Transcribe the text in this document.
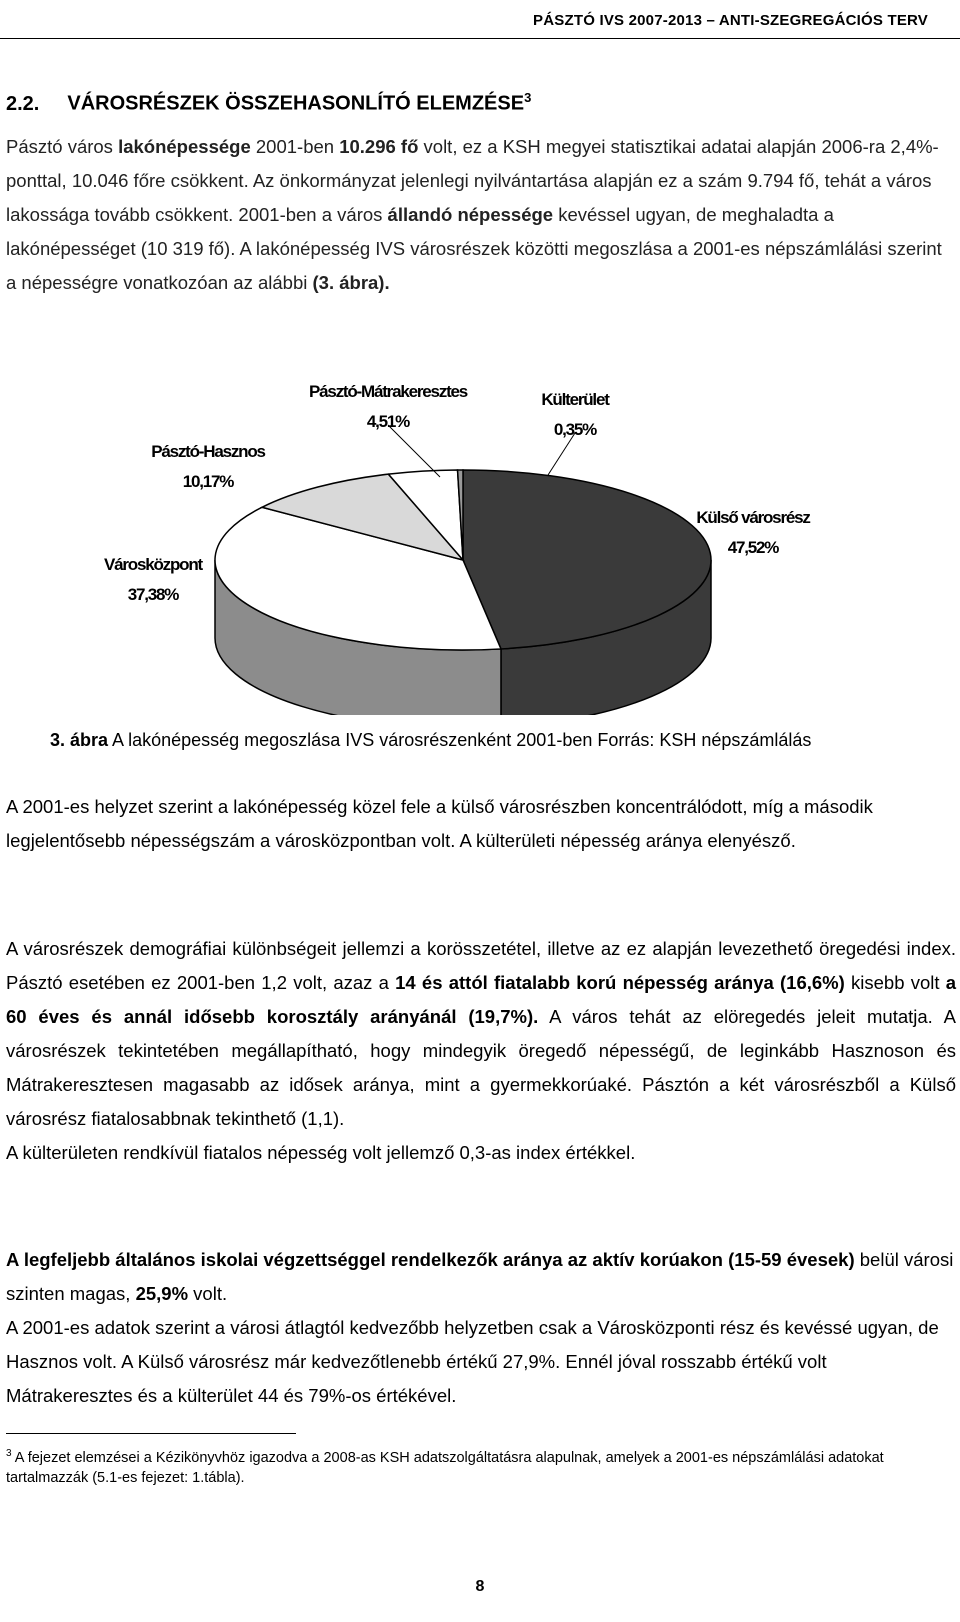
PÁSZTÓ IVS 2007-2013 – ANTI-SZEGREGÁCIÓS TERV
2.2. VÁROSRÉSZEK ÖSSZEHASONLÍTÓ ELEMZÉSE$^3$
Pásztó város lakónépessége 2001-ben 10.296 fő volt, ez a KSH megyei statisztikai adatai alapján 2006-ra 2,4%-ponttal, 10.046 főre csökkent. Az önkormányzat jelenlegi nyilvántartása alapján ez a szám 9.794 fő, tehát a város lakossága tovább csökkent. 2001-ben a város állandó népessége kevéssel ugyan, de meghaladta a lakónépességet (10 319 fő). A lakónépesség IVS városrészek közötti megoszlása a 2001-es népszámlálási szerint a népességre vonatkozóan az alábbi (3. ábra).
Külső városrész
47,52%
Városközpont
37,38%
Pásztó-Hasznos
10,17%
Pásztó-Mátrakeresztes
4,51%
Külterület
0,35%
3. ábra A lakónépesség megoszlása IVS városrészenként 2001-ben Forrás: KSH népszámlálás
A 2001-es helyzet szerint a lakónépesség közel fele a külső városrészben koncentrálódott, míg a második legjelentősebb népességszám a városközpontban volt. A külterületi népesség aránya elenyésző.
A városrészek demográfiai különbségeit jellemzi a korösszetétel, illetve az ez alapján levezethető öregedési index. Pásztó esetében ez 2001-ben 1,2 volt, azaz a 14 és attól fiatalabb korú népesség aránya (16,6%) kisebb volt a 60 éves és annál idősebb korosztály arányánál (19,7%). A város tehát az elöregedés jeleit mutatja. A városrészek tekintetében megállapítható, hogy mindegyik öregedő népességű, de leginkább Hasznoson és Mátrakeresztesen magasabb az idősek aránya, mint a gyermekkorúaké. Pásztón a két városrészből a Külső városrész fiatalosabbnak tekinthető (1,1).
A külterületen rendkívül fiatalos népesség volt jellemző 0,3-as index értékkel.
A legfeljebb általános iskolai végzettséggel rendelkezők aránya az aktív korúakon (15-59 évesek) belül városi szinten magas, 25,9% volt.
A 2001-es adatok szerint a városi átlagtól kedvezőbb helyzetben csak a Városközponti rész és kevéssé ugyan, de Hasznos volt. A Külső városrész már kedvezőtlenebb értékű 27,9%. Ennél jóval rosszabb értékű volt Mátrakeresztes és a külterület 44 és 79%-os értékével.
$^3$ A fejezet elemzései a Kézikönyvhöz igazodva a 2008-as KSH adatszolgáltatásra alapulnak, amelyek a 2001-es népszámlálási adatokat tartalmazzák (5.1-es fejezet: 1.tábla).
8
